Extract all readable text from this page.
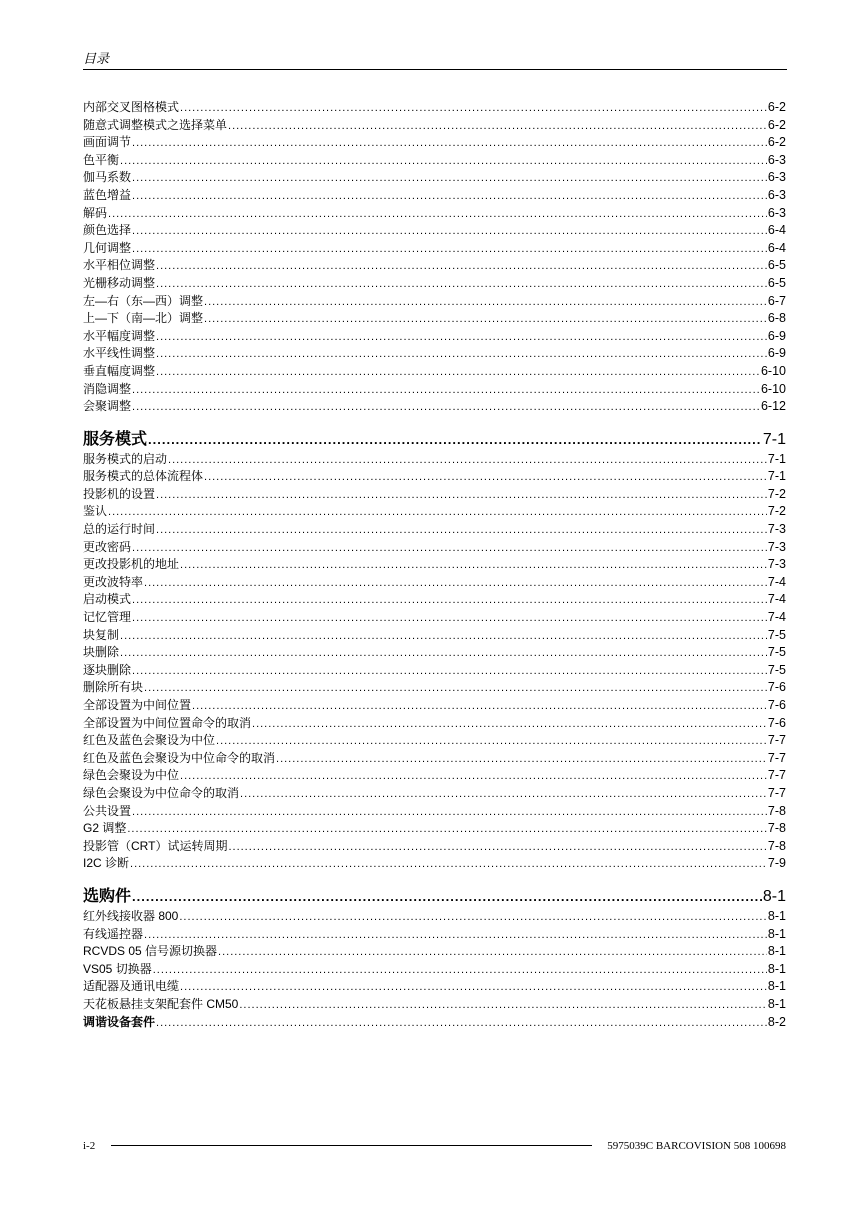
目录
内部交叉图格模式 .....	6-2
随意式调整模式之选择菜单 .....	6-2
画面调节 .....	6-2
色平衡 .....	6-3
伽马系数 .....	6-3
蓝色增益 .....	6-3
解码 .....	6-3
颜色选择 .....	6-4
几何调整 .....	6-4
水平相位调整 .....	6-5
光栅移动调整 .....	6-5
左—右（东—西）调整 .....	6-7
上—下（南—北）调整 .....	6-8
水平幅度调整 .....	6-9
水平线性调整 .....	6-9
垂直幅度调整 .....	6-10
消隐调整 .....	6-10
会聚调整 .....	6-12
服务模式 .....	7-1
服务模式的启动 .....	7-1
服务模式的总体流程体 .....	7-1
投影机的设置 .....	7-2
鉴认 .....	7-2
总的运行时间 .....	7-3
更改密码 .....	7-3
更改投影机的地址 .....	7-3
更改波特率 .....	7-4
启动模式 .....	7-4
记忆管理 .....	7-4
块复制 .....	7-5
块删除 .....	7-5
逐块删除 .....	7-5
删除所有块 .....	7-6
全部设置为中间位置 .....	7-6
全部设置为中间位置命令的取消 .....	7-6
红色及蓝色会聚设为中位 .....	7-7
红色及蓝色会聚设为中位命令的取消 .....	7-7
绿色会聚设为中位 .....	7-7
绿色会聚设为中位命令的取消 .....	7-7
公共设置 .....	7-8
G2 调整 .....	7-8
投影管（CRT）试运转周期 .....	7-8
I2C 诊断 .....	7-9
选购件 .....	8-1
红外线接收器 800 .....	8-1
有线遥控器 .....	8-1
RCVDS 05 信号源切换器 .....	8-1
VS05 切换器 .....	8-1
适配器及通讯电缆 .....	8-1
天花板悬挂支架配套件 CM50 .....	8-1
调谐设备套件 .....	8-2
i-2	5975039C BARCOVISION 508 100698
